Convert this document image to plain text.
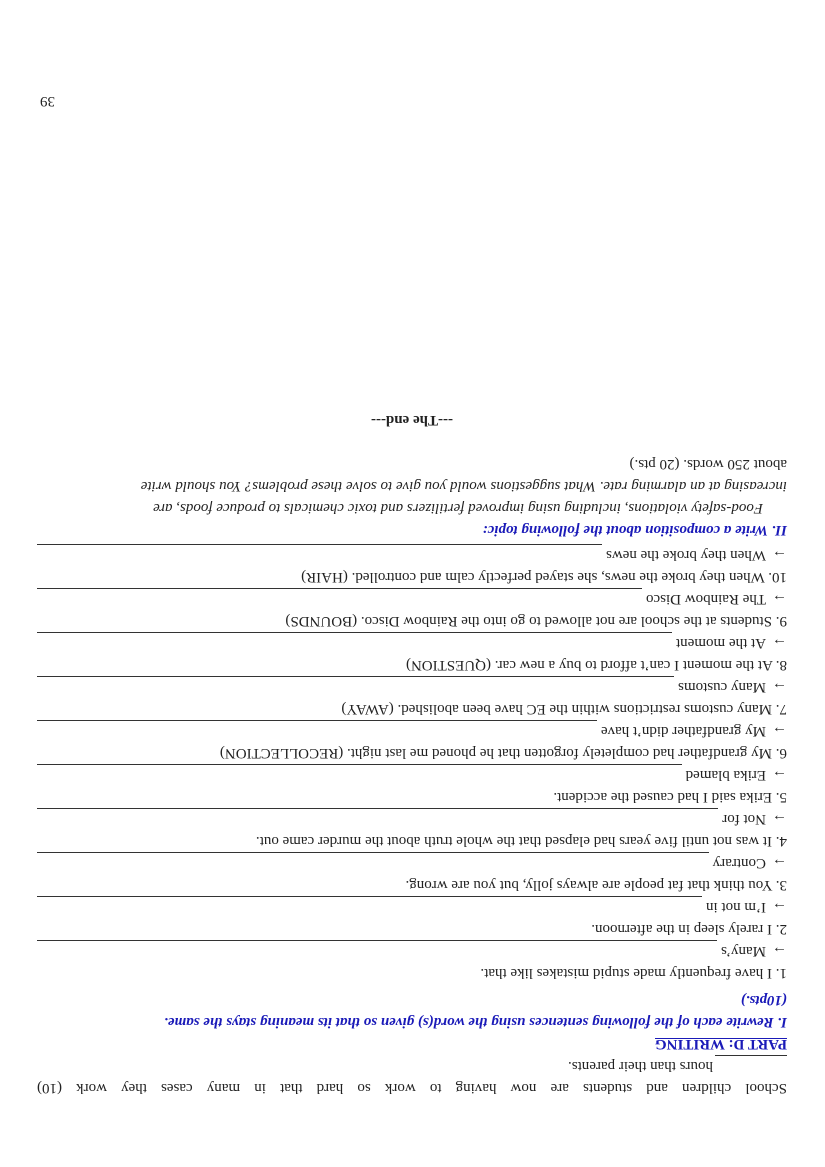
School children and students are now having to work so hard that in many cases they work (10)
hours than their parents.
PART D: WRITING
I. Rewrite each of the following sentences using the word(s) given so that its meaning stays the same.
(10pts.)
1. I have frequently made stupid mistakes like that.
→
Many’s
2. I rarely sleep in the afternoon.
→
I’m not in
3. You think that fat people are always jolly, but you are wrong.
→
Contrary
4. It was not until five years had elapsed that the whole truth about the murder came out.
→
Not for
5. Erika said I had caused the accident.
→
Erika blamed
6. My grandfather had completely forgotten that he phoned me last night. (RECOLLECTION)
→
My grandfather didn’t have
7. Many customs restrictions within the EC have been abolished. (AWAY)
→
Many customs
8. At the moment I can’t afford to buy a new car. (QUESTION)
→
At the moment
9. Students at the school are not allowed to go into the Rainbow Disco. (BOUNDS)
→
The Rainbow Disco
10. When they broke the news, she stayed perfectly calm and controlled. (HAIR)
→
When they broke the news
II. Write a composition about the following topic:
Food-safety violations, including using improved fertilizers and toxic chemicals to produce foods, are
increasing at an alarming rate. What suggestions would you give to solve these problems? You should write
about 250 words. (20 pts.)
---The end---
39
